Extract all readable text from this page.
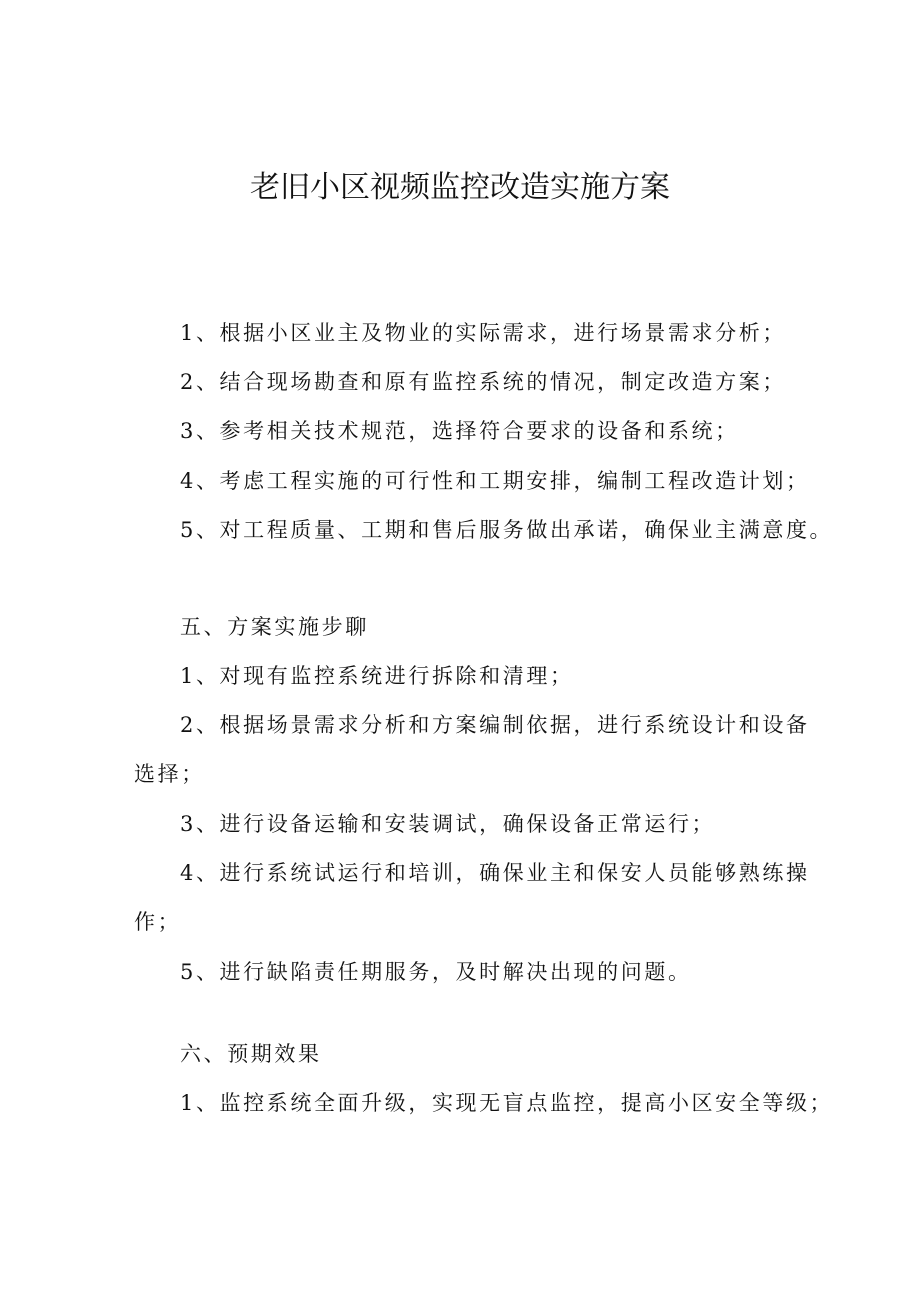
老旧小区视频监控改造实施方案
1、根据小区业主及物业的实际需求，进行场景需求分析；
2、结合现场勘查和原有监控系统的情况，制定改造方案；
3、参考相关技术规范，选择符合要求的设备和系统；
4、考虑工程实施的可行性和工期安排，编制工程改造计划；
5、对工程质量、工期和售后服务做出承诺，确保业主满意度。
五、方案实施步聊
1、对现有监控系统进行拆除和清理；
2、根据场景需求分析和方案编制依据，进行系统设计和设备
选择；
3、进行设备运输和安装调试，确保设备正常运行；
4、进行系统试运行和培训，确保业主和保安人员能够熟练操
作；
5、进行缺陷责任期服务，及时解决出现的问题。
六、预期效果
1、监控系统全面升级，实现无盲点监控，提高小区安全等级；
